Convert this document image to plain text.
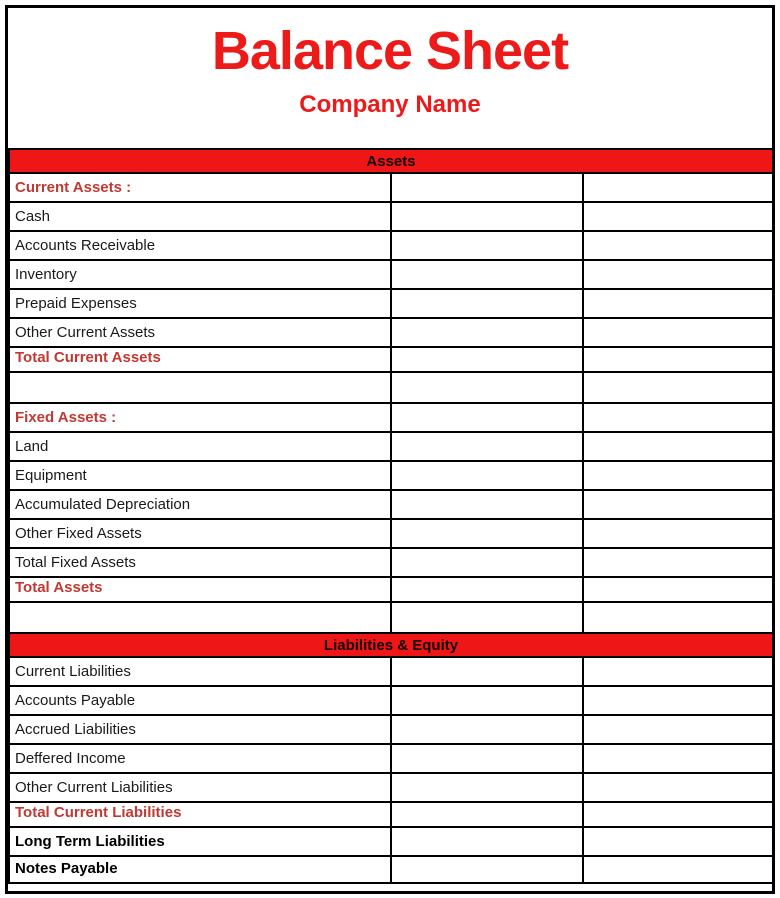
Balance Sheet
Company Name
Assets		
Current Assets :		
Cash		
Accounts Receivable		
Inventory		
Prepaid Expenses		
Other Current Assets		
Total Current Assets		

Fixed Assets :		
Land		
Equipment		
Accumulated Depreciation		
Other Fixed Assets		
Total Fixed Assets		
Total Assets		

Liabilities & Equity		
Current Liabilities		
Accounts Payable		
Accrued Liabilities		
Deffered Income		
Other Current Liabilities		
Total Current Liabilities		
Long Term Liabilities		
Notes Payable		
